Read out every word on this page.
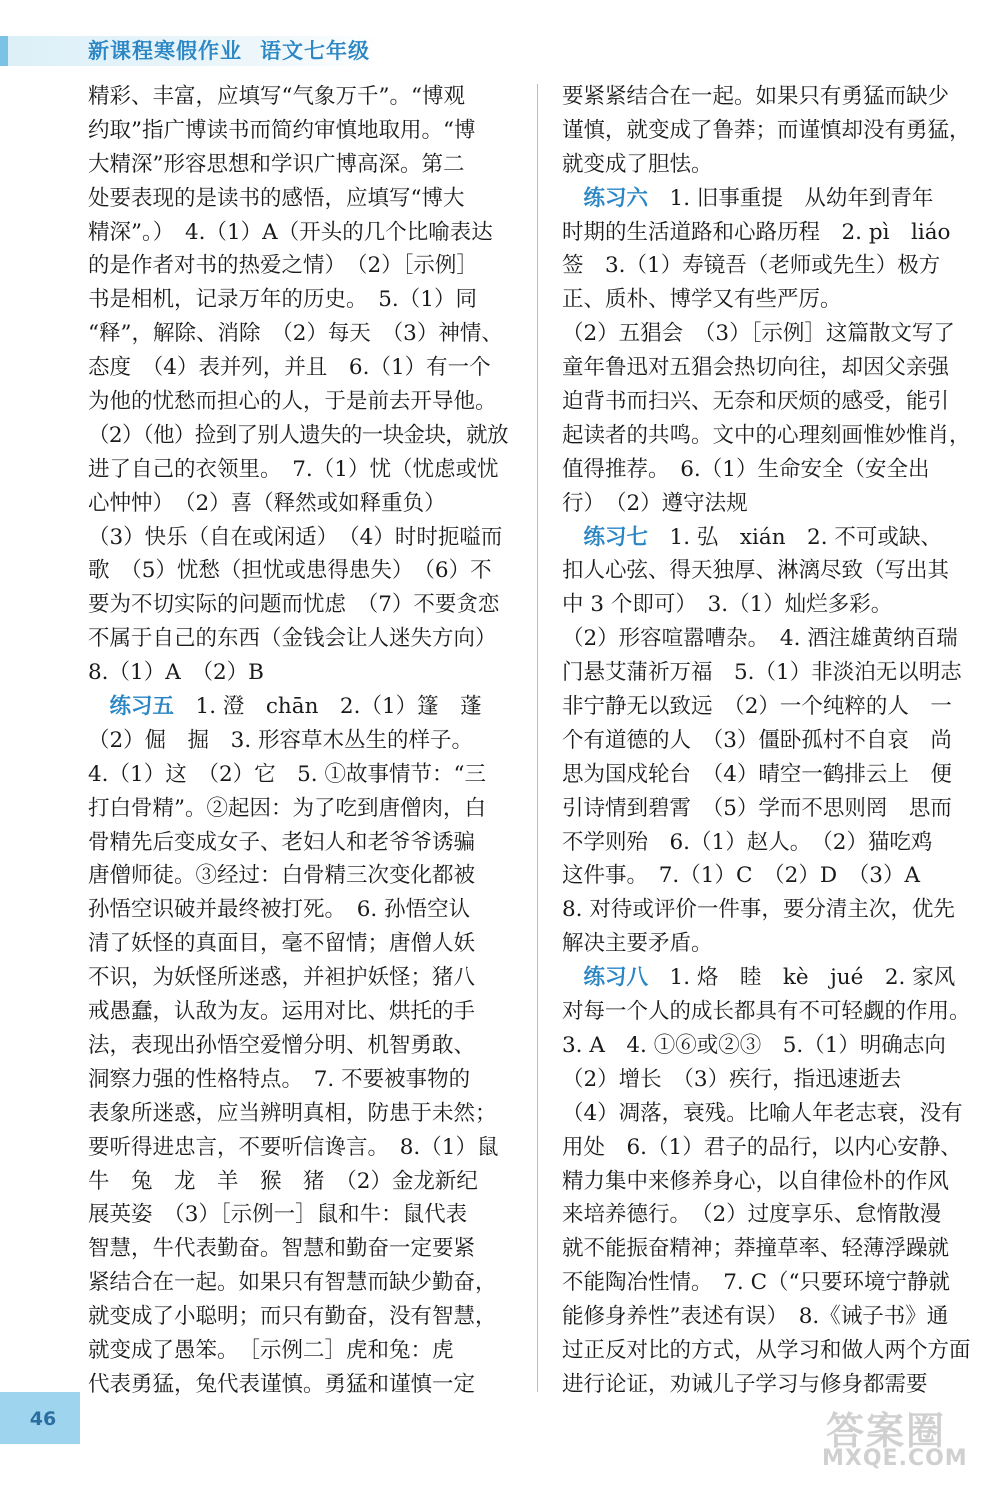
新课程寒假作业 语文七年级
精彩、丰富，应填写“气象万千”。“博观
约取”指广博读书而简约审慎地取用。“博
大精深”形容思想和学识广博高深。第二
处要表现的是读书的感悟，应填写“博大
精深”。）　4.（1）A（开头的几个比喻表达
的是作者对书的热爱之情）　（2）［示例］
书是相机，记录万年的历史。　5.（1）同
“释”，解除、消除　（2）每天　（3）神情、
态度　（4）表并列，并且　6.（1）有一个
为他的忧愁而担心的人，于是前去开导他。
（2）（他）捡到了别人遗失的一块金块，就放
进了自己的衣领里。　7.（1）忧（忧虑或忧
心忡忡）　（2）喜（释然或如释重负）
（3）快乐（自在或闲适）　（4）时时扼嗌而
歌　（5）忧愁（担忧或患得患失）　（6）不
要为不切实际的问题而忧虑　（7）不要贪恋
不属于自己的东西（金钱会让人迷失方向）
8.（1）A　（2）B
　练习五　1. 澄　chān　2.（1）篷　蓬
（2）倔　掘　3. 形容草木丛生的样子。
4.（1）这　（2）它　5. ①故事情节：“三
打白骨精”。②起因：为了吃到唐僧肉，白
骨精先后变成女子、老妇人和老爷爷诱骗
唐僧师徒。③经过：白骨精三次变化都被
孙悟空识破并最终被打死。　6. 孙悟空认
清了妖怪的真面目，毫不留情；唐僧人妖
不识，为妖怪所迷惑，并袒护妖怪；猪八
戒愚蠢，认敌为友。运用对比、烘托的手
法，表现出孙悟空爱憎分明、机智勇敢、
洞察力强的性格特点。　7. 不要被事物的
表象所迷惑，应当辨明真相，防患于未然；
要听得进忠言，不要听信谗言。　8.（1）鼠
牛　兔　龙　羊　猴　猪　（2）金龙新纪
展英姿　（3）［示例一］鼠和牛：鼠代表
智慧，牛代表勤奋。智慧和勤奋一定要紧
紧结合在一起。如果只有智慧而缺少勤奋，
就变成了小聪明；而只有勤奋，没有智慧，
就变成了愚笨。　［示例二］虎和兔：虎
代表勇猛，兔代表谨慎。勇猛和谨慎一定
要紧紧结合在一起。如果只有勇猛而缺少
谨慎，就变成了鲁莽；而谨慎却没有勇猛，
就变成了胆怯。
　练习六　1. 旧事重提　从幼年到青年
时期的生活道路和心路历程　2. pì　liáo
签　3.（1）寿镜吾（老师或先生）极方
正、质朴、博学又有些严厉。
（2）五猖会　（3）［示例］这篇散文写了
童年鲁迅对五猖会热切向往，却因父亲强
迫背书而扫兴、无奈和厌烦的感受，能引
起读者的共鸣。文中的心理刻画惟妙惟肖，
值得推荐。　6.（1）生命安全（安全出
行）　（2）遵守法规
　练习七　1. 弘　xián　2. 不可或缺、
扣人心弦、得天独厚、淋漓尽致（写出其
中 3 个即可）　3.（1）灿烂多彩。
（2）形容喧嚣嘈杂。　4. 酒注雄黄纳百瑞
门悬艾蒲祈万福　5.（1）非淡泊无以明志
非宁静无以致远　（2）一个纯粹的人　一
个有道德的人　（3）僵卧孤村不自哀　尚
思为国戍轮台　（4）晴空一鹤排云上　便
引诗情到碧霄　（5）学而不思则罔　思而
不学则殆　6.（1）赵人。　（2）猫吃鸡
这件事。　7.（1）C　（2）D　（3）A
8. 对待或评价一件事，要分清主次，优先
解决主要矛盾。
　练习八　1. 烙　睦　kè　jué　2. 家风
对每一个人的成长都具有不可轻觑的作用。
3. A　4. ①⑥或②③　5.（1）明确志向
（2）增长　（3）疾行，指迅速逝去
（4）凋落，衰残。比喻人年老志衰，没有
用处　6.（1）君子的品行，以内心安静、
精力集中来修养身心，以自律俭朴的作风
来培养德行。　（2）过度享乐、怠惰散漫
就不能振奋精神；莽撞草率、轻薄浮躁就
不能陶冶性情。　7. C（“只要环境宁静就
能修身养性”表述有误）　8.《诫子书》通
过正反对比的方式，从学习和做人两个方面
进行论证，劝诫儿子学习与修身都需要
46	答案圈
MXQE.COM
